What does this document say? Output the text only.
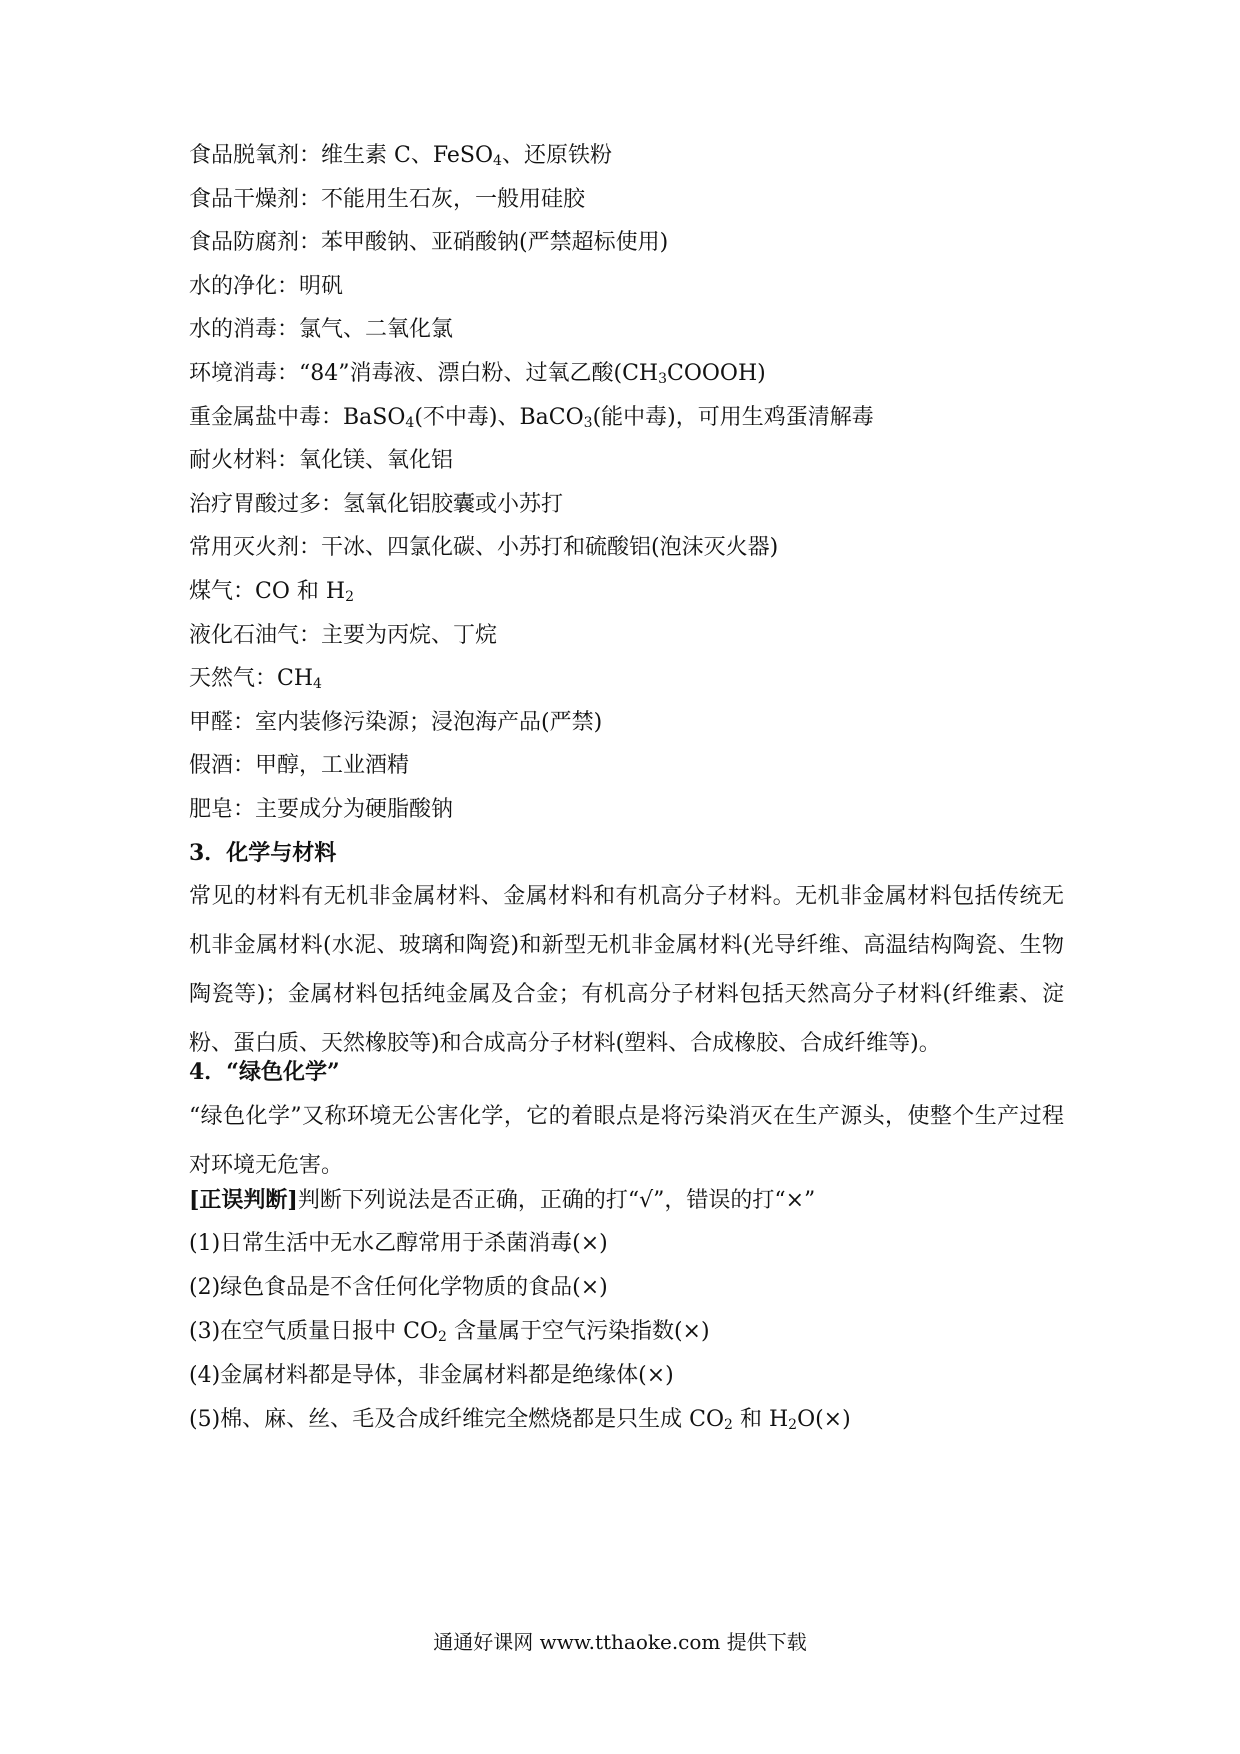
食品脱氧剂：维生素 C、FeSO$_4$、还原铁粉
食品干燥剂：不能用生石灰，一般用硅胶
食品防腐剂：苯甲酸钠、亚硝酸钠(严禁超标使用)
水的净化：明矾
水的消毒：氯气、二氧化氯
环境消毒：“84”消毒液、漂白粉、过氧乙酸$(CH_3COOOH)$
重金属盐中毒：BaSO$_4$(不中毒)、BaCO$_3$(能中毒)，可用生鸡蛋清解毒
耐火材料：氧化镁、氧化铝
治疗胃酸过多：氢氧化铝胶囊或小苏打
常用灭火剂：干冰、四氯化碳、小苏打和硫酸铝(泡沫灭火器)
煤气：CO 和 $H_2$
液化石油气：主要为丙烷、丁烷
天然气：$CH_4$
甲醛：室内装修污染源；浸泡海产品(严禁)
假酒：甲醇，工业酒精
肥皂：主要成分为硬脂酸钠
3．化学与材料
常见的材料有无机非金属材料、金属材料和有机高分子材料。无机非金属材料包括传统无机非金属材料(水泥、玻璃和陶瓷)和新型无机非金属材料(光导纤维、高温结构陶瓷、生物陶瓷等)；金属材料包括纯金属及合金；有机高分子材料包括天然高分子材料(纤维素、淀粉、蛋白质、天然橡胶等)和合成高分子材料(塑料、合成橡胶、合成纤维等)。
4．“绿色化学”
“绿色化学”又称环境无公害化学，它的着眼点是将污染消灭在生产源头，使整个生产过程对环境无危害。
[正误判断]判断下列说法是否正确，正确的打“√”，错误的打“×”
(1)日常生活中无水乙醇常用于杀菌消毒(×)
(2)绿色食品是不含任何化学物质的食品(×)
(3)在空气质量日报中 $CO_2$ 含量属于空气污染指数(×)
(4)金属材料都是导体，非金属材料都是绝缘体(×)
(5)棉、麻、丝、毛及合成纤维完全燃烧都是只生成 $CO_2$ 和 $H_2O(\times)$
通通好课网 www.tthaoke.com 提供下载
